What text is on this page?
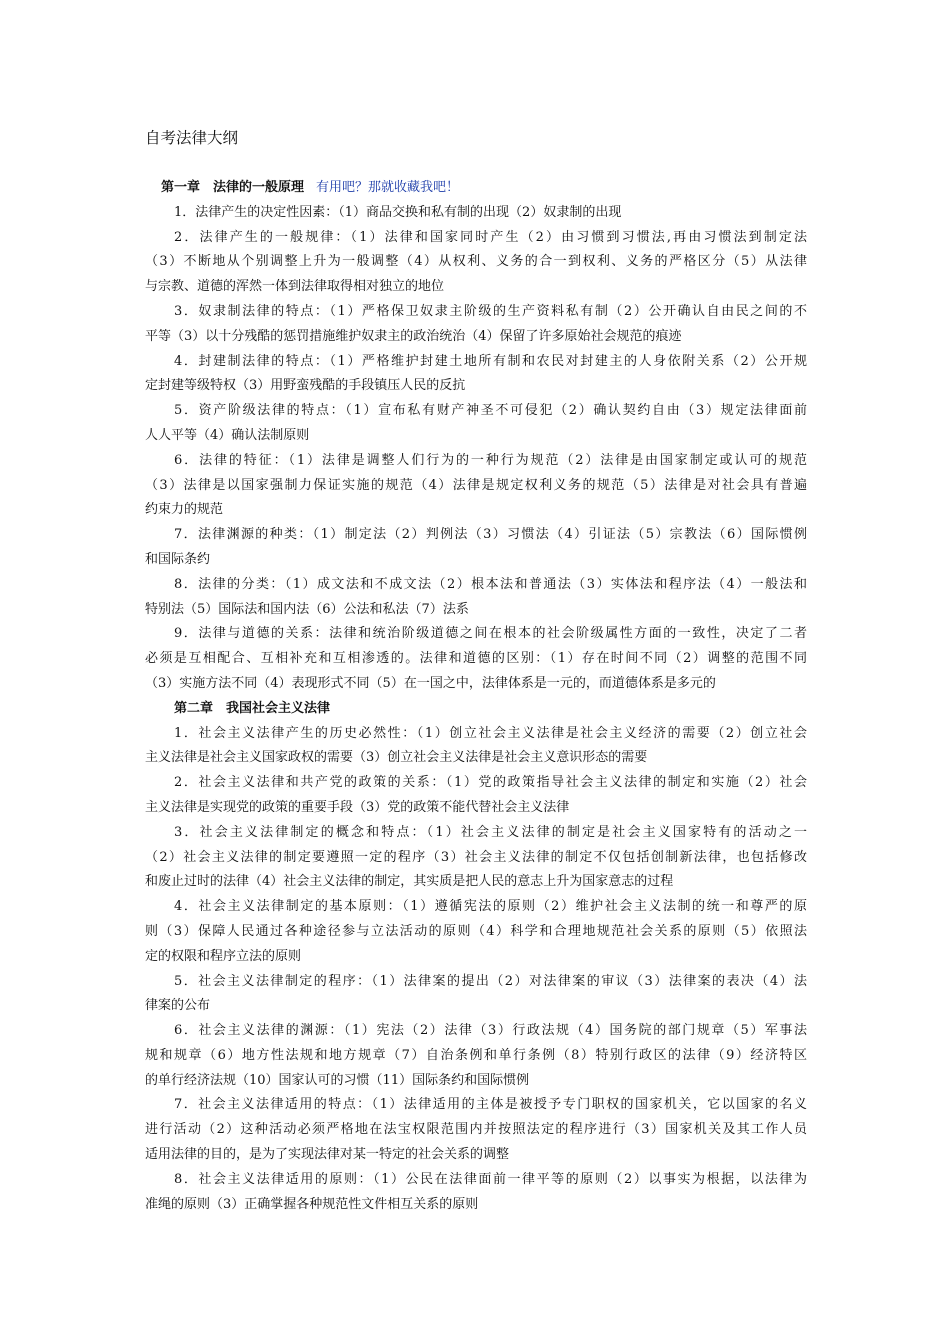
自考法律大纲
第一章　法律的一般原理 有用吧？那就收藏我吧！
1．法律产生的决定性因素：（1）商品交换和私有制的出现（2）奴隶制的出现
2．法律产生的一般规律：（1）法律和国家同时产生（2）由习惯到习惯法,再由习惯法到制定法
（3）不断地从个别调整上升为一般调整（4）从权利、义务的合一到权利、义务的严格区分（5）从法律
与宗教、道德的浑然一体到法律取得相对独立的地位
3．奴隶制法律的特点：（1）严格保卫奴隶主阶级的生产资料私有制（2）公开确认自由民之间的不
平等（3）以十分残酷的惩罚措施维护奴隶主的政治统治（4）保留了许多原始社会规范的痕迹
4．封建制法律的特点：（1）严格维护封建土地所有制和农民对封建主的人身依附关系（2）公开规
定封建等级特权（3）用野蛮残酷的手段镇压人民的反抗
5．资产阶级法律的特点：（1）宣布私有财产神圣不可侵犯（2）确认契约自由（3）规定法律面前
人人平等（4）确认法制原则
6．法律的特征：（1）法律是调整人们行为的一种行为规范（2）法律是由国家制定或认可的规范
（3）法律是以国家强制力保证实施的规范（4）法律是规定权利义务的规范（5）法律是对社会具有普遍
约束力的规范
7．法律渊源的种类：（1）制定法（2）判例法（3）习惯法（4）引证法（5）宗教法（6）国际惯例
和国际条约
8．法律的分类：（1）成文法和不成文法（2）根本法和普通法（3）实体法和程序法（4）一般法和
特别法（5）国际法和国内法（6）公法和私法（7）法系
9．法律与道德的关系：法律和统治阶级道德之间在根本的社会阶级属性方面的一致性，决定了二者
必须是互相配合、互相补充和互相渗透的。法律和道德的区别：（1）存在时间不同（2）调整的范围不同
（3）实施方法不同（4）表现形式不同（5）在一国之中，法律体系是一元的，而道德体系是多元的
第二章　我国社会主义法律
1．社会主义法律产生的历史必然性：（1）创立社会主义法律是社会主义经济的需要（2）创立社会
主义法律是社会主义国家政权的需要（3）创立社会主义法律是社会主义意识形态的需要
2．社会主义法律和共产党的政策的关系：（1）党的政策指导社会主义法律的制定和实施（2）社会
主义法律是实现党的政策的重要手段（3）党的政策不能代替社会主义法律
3．社会主义法律制定的概念和特点：（1）社会主义法律的制定是社会主义国家特有的活动之一
（2）社会主义法律的制定要遵照一定的程序（3）社会主义法律的制定不仅包括创制新法律，也包括修改
和废止过时的法律（4）社会主义法律的制定，其实质是把人民的意志上升为国家意志的过程
4．社会主义法律制定的基本原则：（1）遵循宪法的原则（2）维护社会主义法制的统一和尊严的原
则（3）保障人民通过各种途径参与立法活动的原则（4）科学和合理地规范社会关系的原则（5）依照法
定的权限和程序立法的原则
5．社会主义法律制定的程序：（1）法律案的提出（2）对法律案的审议（3）法律案的表决（4）法
律案的公布
6．社会主义法律的渊源：（1）宪法（2）法律（3）行政法规（4）国务院的部门规章（5）军事法
规和规章（6）地方性法规和地方规章（7）自治条例和单行条例（8）特别行政区的法律（9）经济特区
的单行经济法规（10）国家认可的习惯（11）国际条约和国际惯例
7．社会主义法律适用的特点：（1）法律适用的主体是被授予专门职权的国家机关，它以国家的名义
进行活动（2）这种活动必须严格地在法宝权限范围内并按照法定的程序进行（3）国家机关及其工作人员
适用法律的目的，是为了实现法律对某一特定的社会关系的调整
8．社会主义法律适用的原则：（1）公民在法律面前一律平等的原则（2）以事实为根据，以法律为
准绳的原则（3）正确掌握各种规范性文件相互关系的原则
